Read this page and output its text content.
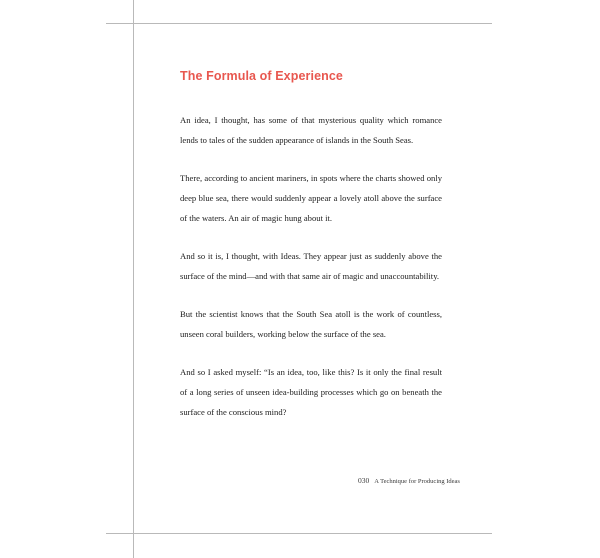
The Formula of Experience

An idea, I thought, has some of that mysterious quality which romance
lends to tales of the sudden appearance of islands in the South Seas.

There, according to ancient mariners, in spots where the charts showed only
deep blue sea, there would suddenly appear a lovely atoll above the surface
of the waters. An air of magic hung about it.

And so it is, I thought, with Ideas. They appear just as suddenly above the
surface of the mind—and with that same air of magic and unaccountability.

But the scientist knows that the South Sea atoll is the work of countless,
unseen coral builders, working below the surface of the sea.

And so I asked myself: “Is an idea, too, like this? Is it only the final result
of a long series of unseen idea-building processes which go on beneath the
surface of the conscious mind?

030 A Technique for Producing Ideas
